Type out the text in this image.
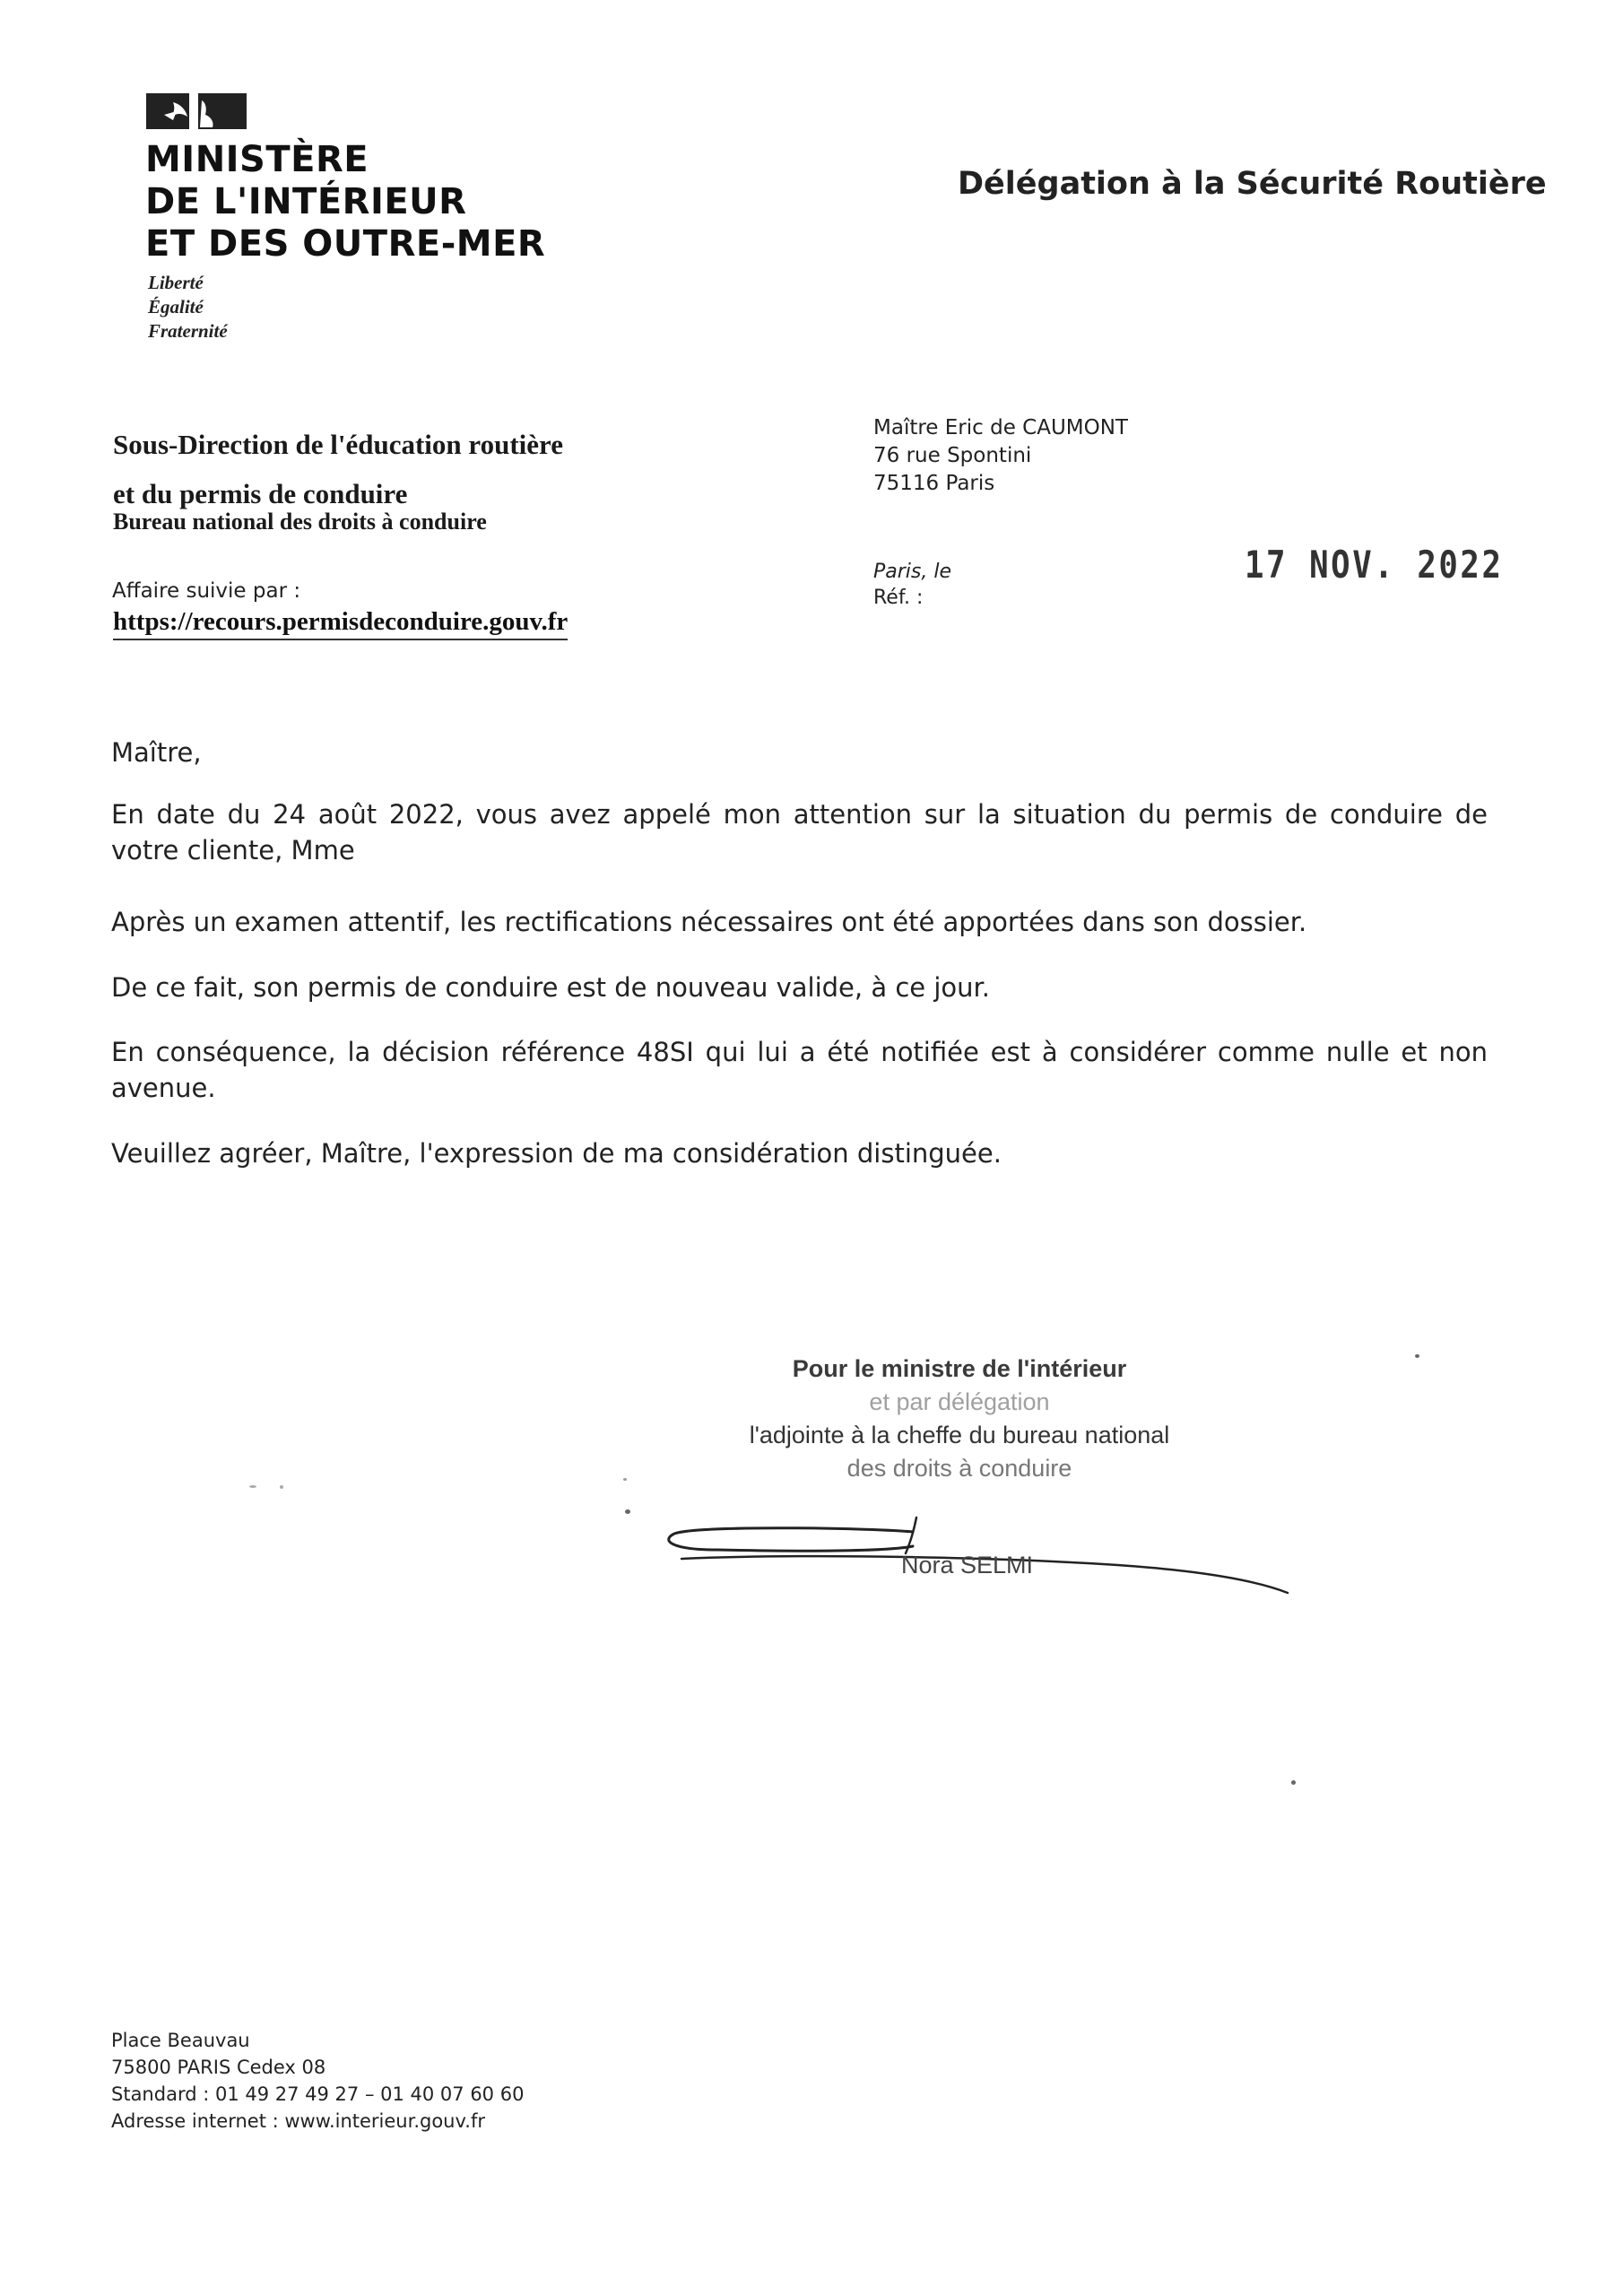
MINISTÈRE
DE L'INTÉRIEUR
ET DES OUTRE-MER
Liberté
Égalité
Fraternité
Délégation à la Sécurité Routière
Sous-Direction de l'éducation routière
et du permis de conduire
Bureau national des droits à conduire
Affaire suivie par :
https://recours.permisdeconduire.gouv.fr
Maître Eric de CAUMONT
76 rue Spontini
75116 Paris
Paris, le
Réf. :
17 NOV. 2022
Maître,
En date du 24 août 2022, vous avez appelé mon attention sur la situation du permis de conduire de votre cliente, Mme
Après un examen attentif, les rectifications nécessaires ont été apportées dans son dossier.
De ce fait, son permis de conduire est de nouveau valide, à ce jour.
En conséquence, la décision référence 48SI qui lui a été notifiée est à considérer comme nulle et non avenue.
Veuillez agréer, Maître, l'expression de ma considération distinguée.
Pour le ministre de l'intérieur
et par délégation
l'adjointe à la cheffe du bureau national
des droits à conduire
Nora SELMI
Place Beauvau
75800 PARIS Cedex 08
Standard : 01 49 27 49 27 – 01 40 07 60 60
Adresse internet : www.interieur.gouv.fr
